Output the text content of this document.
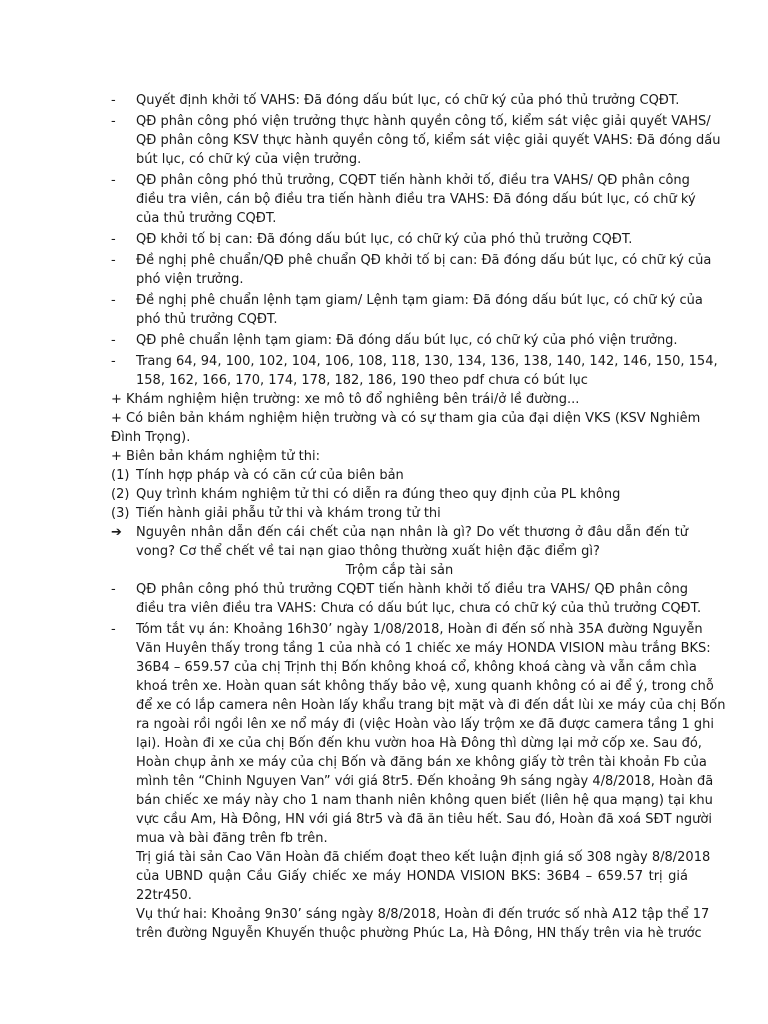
- Quyết định khởi tố VAHS: Đã đóng dấu bút lục, có chữ ký của phó thủ trưởng CQĐT.
- QĐ phân công phó viện trưởng thực hành quyền công tố, kiểm sát việc giải quyết VAHS/
QĐ phân công KSV thực hành quyền công tố, kiểm sát việc giải quyết VAHS: Đã đóng dấu
bút lục, có chữ ký của viện trưởng.
- QĐ phân công phó thủ trưởng, CQĐT tiến hành khởi tố, điều tra VAHS/ QĐ phân công
điều tra viên, cán bộ điều tra tiến hành điều tra VAHS: Đã đóng dấu bút lục, có chữ ký
của thủ trưởng CQĐT.
- QĐ khởi tố bị can: Đã đóng dấu bút lục, có chữ ký của phó thủ trưởng CQĐT.
- Đề nghị phê chuẩn/QĐ phê chuẩn QĐ khởi tố bị can: Đã đóng dấu bút lục, có chữ ký của
phó viện trưởng.
- Đề nghị phê chuẩn lệnh tạm giam/ Lệnh tạm giam: Đã đóng dấu bút lục, có chữ ký của
phó thủ trưởng CQĐT.
- QĐ phê chuẩn lệnh tạm giam: Đã đóng dấu bút lục, có chữ ký của phó viện trưởng.
- Trang 64, 94, 100, 102, 104, 106, 108, 118, 130, 134, 136, 138, 140, 142, 146, 150, 154,
158, 162, 166, 170, 174, 178, 182, 186, 190 theo pdf chưa có bút lục
+ Khám nghiệm hiện trường: xe mô tô đổ nghiêng bên trái/ở lề đường...
+ Có biên bản khám nghiệm hiện trường và có sự tham gia của đại diện VKS (KSV Nghiêm
Đình Trọng).
+ Biên bản khám nghiệm tử thi:
(1) Tính hợp pháp và có căn cứ của biên bản
(2) Quy trình khám nghiệm tử thi có diễn ra đúng theo quy định của PL không
(3) Tiến hành giải phẫu tử thi và khám trong tử thi
➔ Nguyên nhân dẫn đến cái chết của nạn nhân là gì? Do vết thương ở đâu dẫn đến tử
vong? Cơ thể chết về tai nạn giao thông thường xuất hiện đặc điểm gì?
Trộm cắp tài sản
- QĐ phân công phó thủ trưởng CQĐT tiến hành khởi tố điều tra VAHS/ QĐ phân công
điều tra viên điều tra VAHS: Chưa có dấu bút lục, chưa có chữ ký của thủ trưởng CQĐT.
- Tóm tắt vụ án: Khoảng 16h30’ ngày 1/08/2018, Hoàn đi đến số nhà 35A đường Nguyễn
Văn Huyên thấy trong tầng 1 của nhà có 1 chiếc xe máy HONDA VISION màu trắng BKS:
36B4 – 659.57 của chị Trịnh thị Bốn không khoá cổ, không khoá càng và vẫn cắm chìa
khoá trên xe. Hoàn quan sát không thấy bảo vệ, xung quanh không có ai để ý, trong chỗ
để xe có lắp camera nên Hoàn lấy khẩu trang bịt mặt và đi đến dắt lùi xe máy của chị Bốn
ra ngoài rồi ngồi lên xe nổ máy đi (việc Hoàn vào lấy trộm xe đã được camera tầng 1 ghi
lại). Hoàn đi xe của chị Bốn đến khu vườn hoa Hà Đông thì dừng lại mở cốp xe. Sau đó,
Hoàn chụp ảnh xe máy của chị Bốn và đăng bán xe không giấy tờ trên tài khoản Fb của
mình tên “Chinh Nguyen Van” với giá 8tr5. Đến khoảng 9h sáng ngày 4/8/2018, Hoàn đã
bán chiếc xe máy này cho 1 nam thanh niên không quen biết (liên hệ qua mạng) tại khu
vực cầu Am, Hà Đông, HN với giá 8tr5 và đã ăn tiêu hết. Sau đó, Hoàn đã xoá SĐT người
mua và bài đăng trên fb trên.
Trị giá tài sản Cao Văn Hoàn đã chiếm đoạt theo kết luận định giá số 308 ngày 8/8/2018
của UBND quận Cầu Giấy chiếc xe máy HONDA VISION BKS: 36B4 – 659.57 trị giá
22tr450.
Vụ thứ hai: Khoảng 9n30’ sáng ngày 8/8/2018, Hoàn đi đến trước số nhà A12 tập thể 17
trên đường Nguyễn Khuyến thuộc phường Phúc La, Hà Đông, HN thấy trên via hè trước
